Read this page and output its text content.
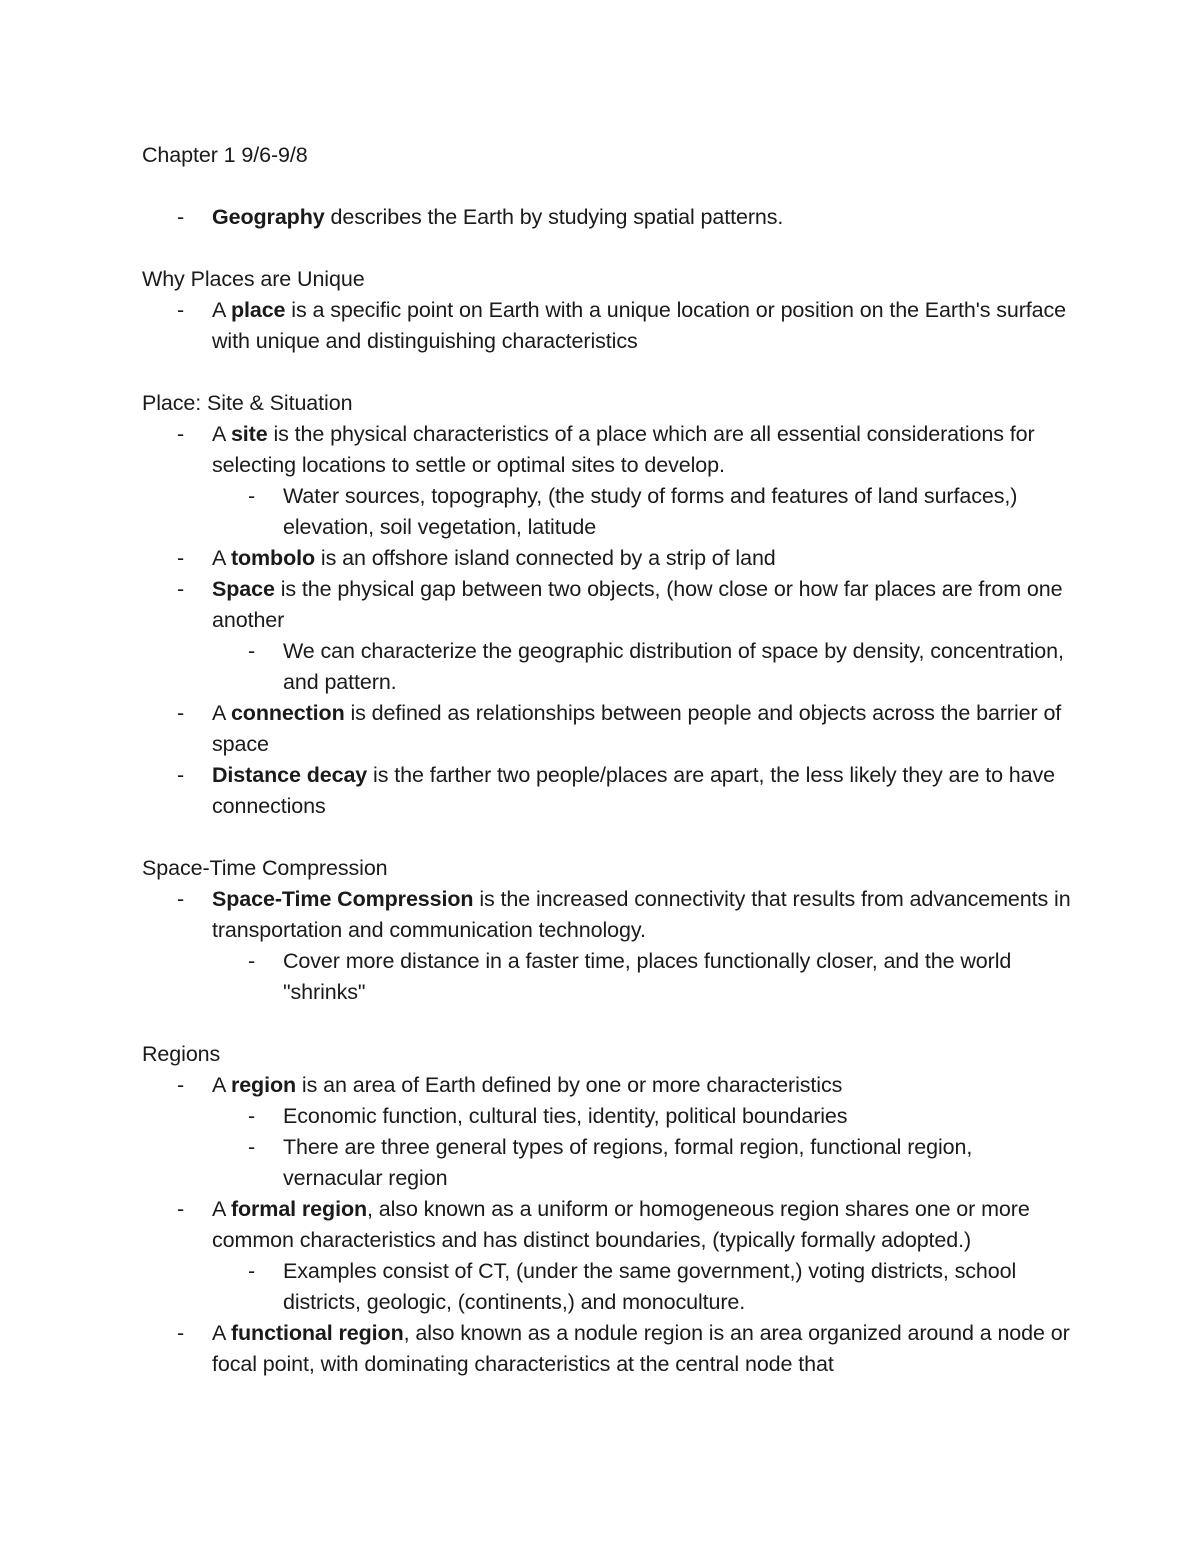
Chapter 1 9/6-9/8

- Geography describes the Earth by studying spatial patterns.

Why Places are Unique

- A place is a specific point on Earth with a unique location or position on the Earth's surface with unique and distinguishing characteristics

Place: Site & Situation

- A site is the physical characteristics of a place which are all essential considerations for selecting locations to settle or optimal sites to develop.

- Water sources, topography, (the study of forms and features of land surfaces,) elevation, soil vegetation, latitude

- A tombolo is an offshore island connected by a strip of land

- Space is the physical gap between two objects, (how close or how far places are from one another

- We can characterize the geographic distribution of space by density, concentration, and pattern.

- A connection is defined as relationships between people and objects across the barrier of space

- Distance decay is the farther two people/places are apart, the less likely they are to have connections

Space-Time Compression

- Space-Time Compression is the increased connectivity that results from advancements in transportation and communication technology.

- Cover more distance in a faster time, places functionally closer, and the world "shrinks"

Regions

- A region is an area of Earth defined by one or more characteristics

- Economic function, cultural ties, identity, political boundaries

- There are three general types of regions, formal region, functional region, vernacular region

- A formal region, also known as a uniform or homogeneous region shares one or more common characteristics and has distinct boundaries, (typically formally adopted.)

- Examples consist of CT, (under the same government,) voting districts, school districts, geologic, (continents,) and monoculture.

- A functional region, also known as a nodule region is an area organized around a node or focal point, with dominating characteristics at the central node that
